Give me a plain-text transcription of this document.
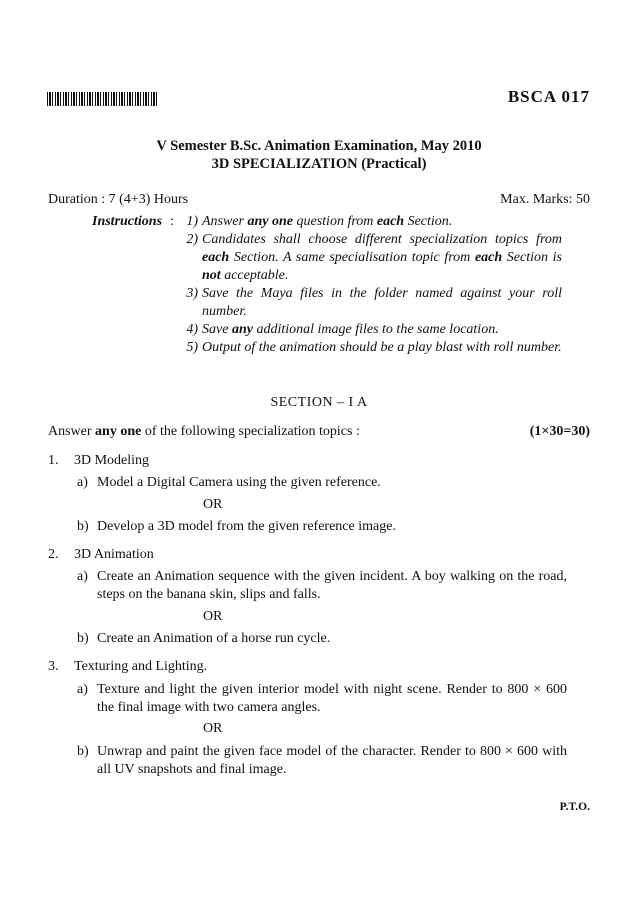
BSCA 017
V Semester B.Sc. Animation Examination, May 2010
3D SPECIALIZATION (Practical)
Duration : 7 (4+3) Hours	Max. Marks: 50
Instructions : 1) Answer any one question from each Section.
2) Candidates shall choose different specialization topics from each Section. A same specialisation topic from each Section is not acceptable.
3) Save the Maya files in the folder named against your roll number.
4) Save any additional image files to the same location.
5) Output of the animation should be a play blast with roll number.
SECTION – I A
Answer any one of the following specialization topics :	(1×30=30)
1. 3D Modeling
a) Model a Digital Camera using the given reference.
OR
b) Develop a 3D model from the given reference image.
2. 3D Animation
a) Create an Animation sequence with the given incident. A boy walking on the road, steps on the banana skin, slips and falls.
OR
b) Create an Animation of a horse run cycle.
3. Texturing and Lighting.
a) Texture and light the given interior model with night scene. Render to 800 × 600 the final image with two camera angles.
OR
b) Unwrap and paint the given face model of the character. Render to 800 × 600 with all UV snapshots and final image.
P.T.O.
